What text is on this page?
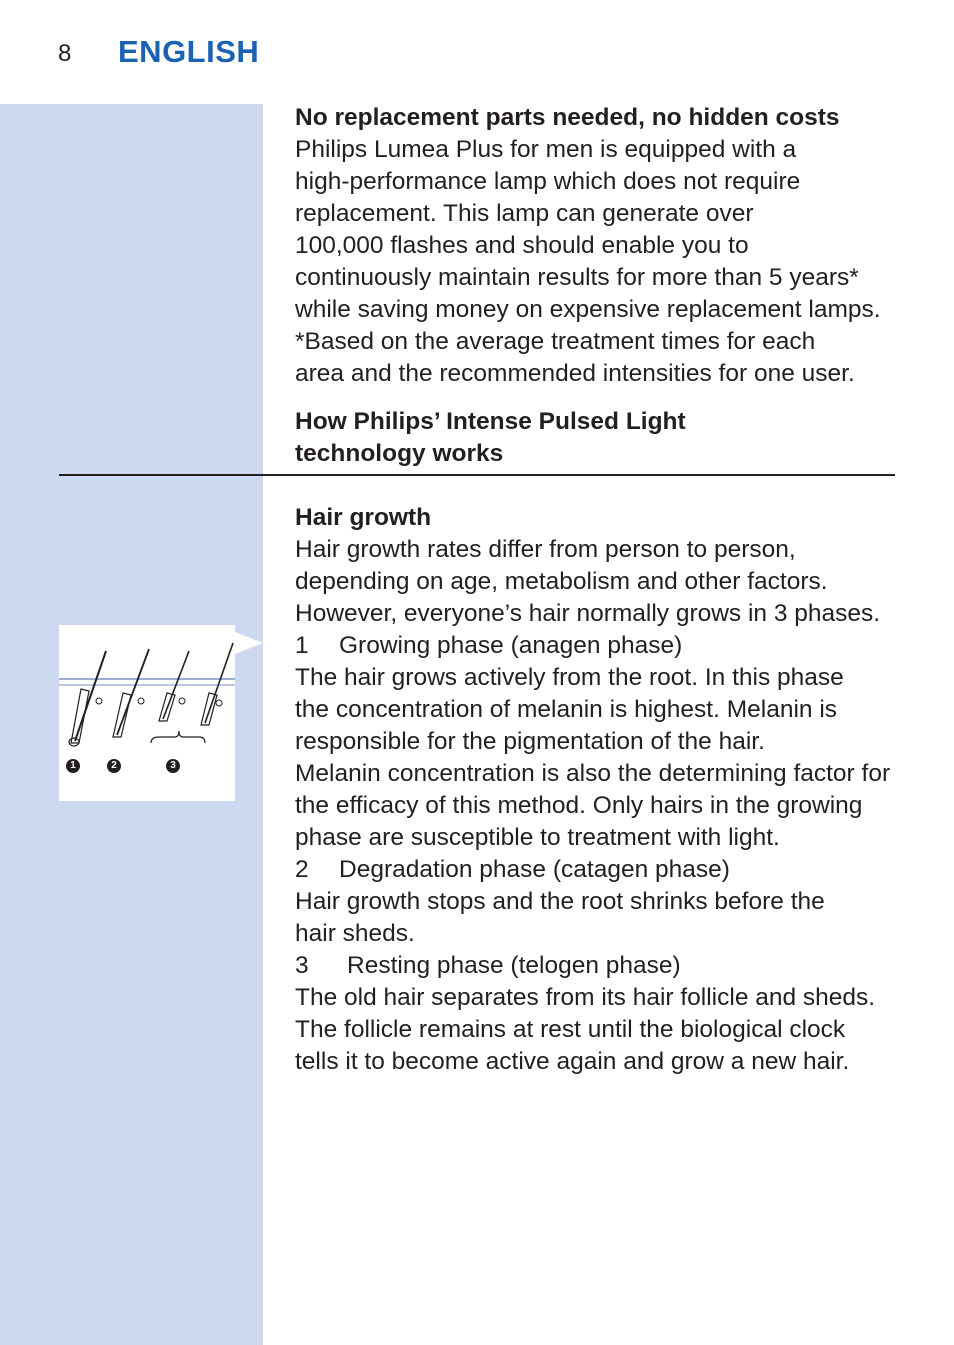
8 ENGLISH

No replacement parts needed, no hidden costs

Philips Lumea Plus for men is equipped with a

high-performance lamp which does not require

replacement. This lamp can generate over

100,000 flashes and should enable you to

continuously maintain results for more than 5 years*

while saving money on expensive replacement lamps.

*Based on the average treatment times for each

area and the recommended intensities for one user.

How Philips’ Intense Pulsed Light

technology works

Hair growth

Hair growth rates differ from person to person,

depending on age, metabolism and other factors.

However, everyone’s hair normally grows in 3 phases.

1 Growing phase (anagen phase)

The hair grows actively from the root. In this phase

the concentration of melanin is highest. Melanin is

responsible for the pigmentation of the hair.

Melanin concentration is also the determining factor for

the efficacy of this method. Only hairs in the growing

phase are susceptible to treatment with light.

2 Degradation phase (catagen phase)

Hair growth stops and the root shrinks before the

hair sheds.

3 Resting phase (telogen phase)

The old hair separates from its hair follicle and sheds.

The follicle remains at rest until the biological clock

tells it to become active again and grow a new hair.

1	2	3
